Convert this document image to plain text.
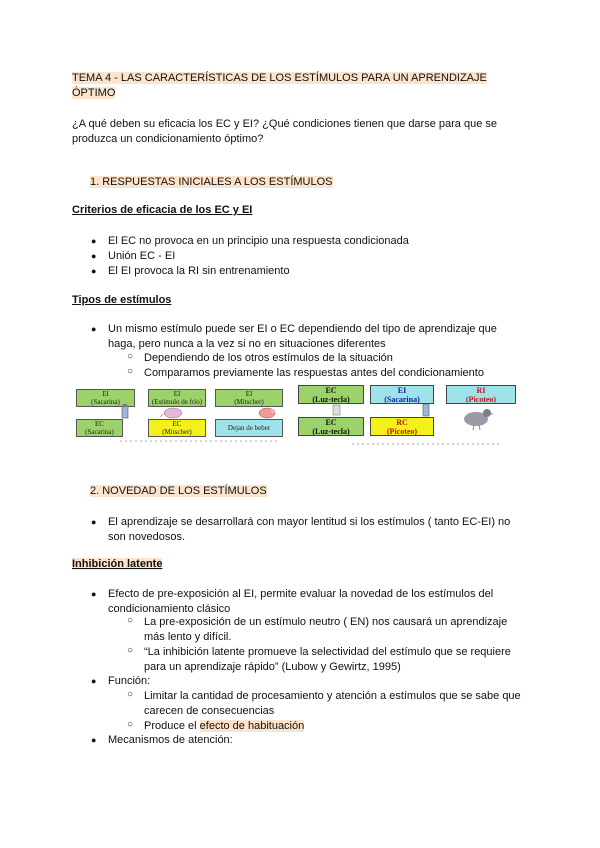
TEMA 4 - LAS CARACTERÍSTICAS DE LOS ESTÍMULOS PARA UN APRENDIZAJE
ÓPTIMO
¿A qué deben su eficacia los EC y EI? ¿Qué condiciones tienen que darse para que se
produzca un condicionamiento óptimo?
1. RESPUESTAS INICIALES A LOS ESTÍMULOS
Criterios de eficacia de los EC y EI
● El EC no provoca en un principio una respuesta condicionada
● Unión EC - EI
● El EI provoca la RI sin entrenamiento
Tipos de estímulos
● Un mismo estímulo puede ser EI o EC dependiendo del tipo de aprendizaje que
haga, pero nunca a la vez si no en situaciones diferentes
○ Dependiendo de los otros estímulos de la situación
○ Comparamos previamente las respuestas antes del condicionamiento
EI
(Sacarina)
EI
(Estímulo de frío)
EI
(Mitscher)
EC
(Sacarina)
EC
(Mitscher)	Dejan de beber
EC
(Luz-tecla)
EI
(Sacarina)
RI
(Picoteo)
EC
(Luz-tecla)
RC
(Picoteo)
2. NOVEDAD DE LOS ESTÍMULOS
● El aprendizaje se desarrollará con mayor lentitud si los estímulos ( tanto EC-EI) no
son novedosos.
Inhibición latente
● Efecto de pre-exposición al EI, permite evaluar la novedad de los estímulos del
condicionamiento clásico
○ La pre-exposición de un estímulo neutro ( EN) nos causará un aprendizaje
más lento y difícil.
○ “La inhibición latente promueve la selectividad del estímulo que se requiere
para un aprendizaje rápido” (Lubow y Gewirtz, 1995)
● Función:
○ Limitar la cantidad de procesamiento y atención a estímulos que se sabe que
carecen de consecuencias
○ Produce el efecto de habituación
● Mecanismos de atención:
